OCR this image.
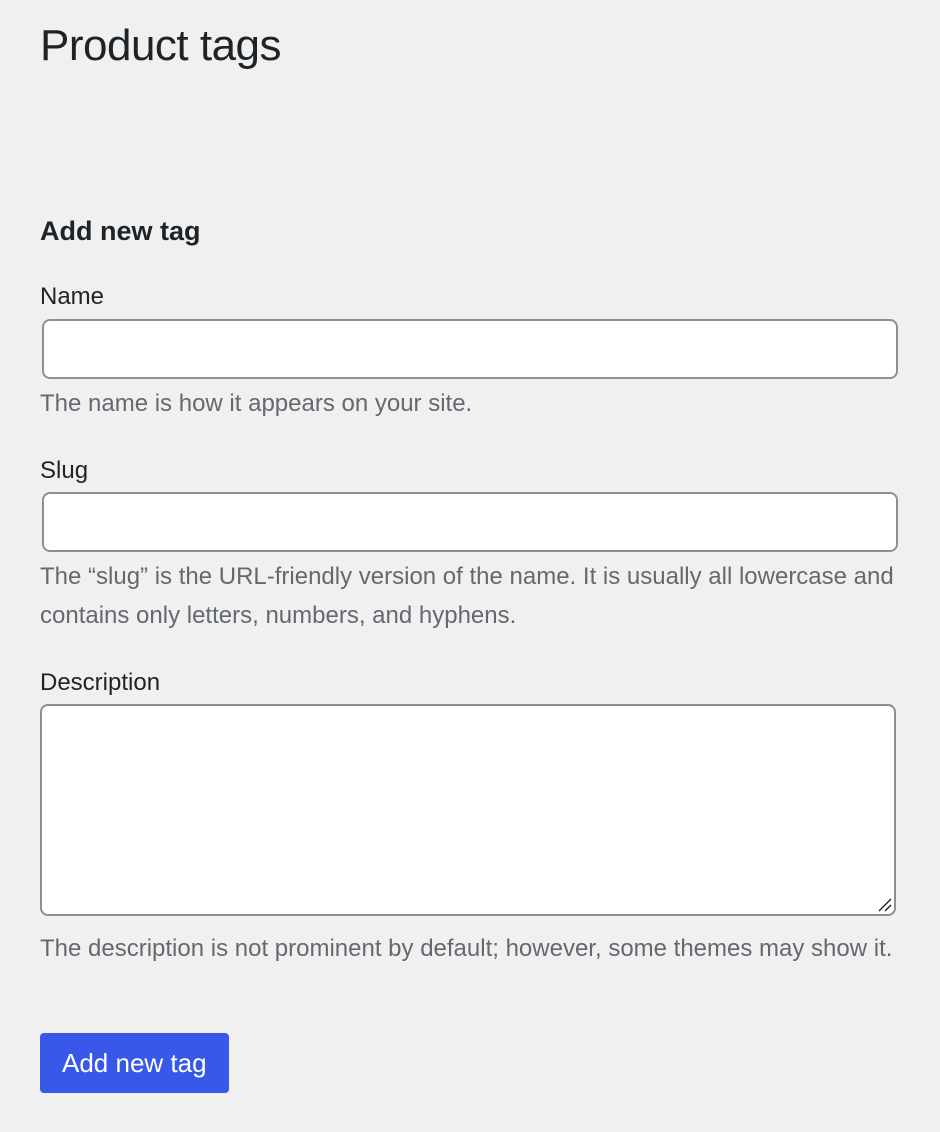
Product tags
Add new tag
Name

The name is how it appears on your site.

Slug

The “slug” is the URL-friendly version of the name. It is usually all lowercase and contains only letters, numbers, and hyphens.

Description

The description is not prominent by default; however, some themes may show it.

Add new tag
